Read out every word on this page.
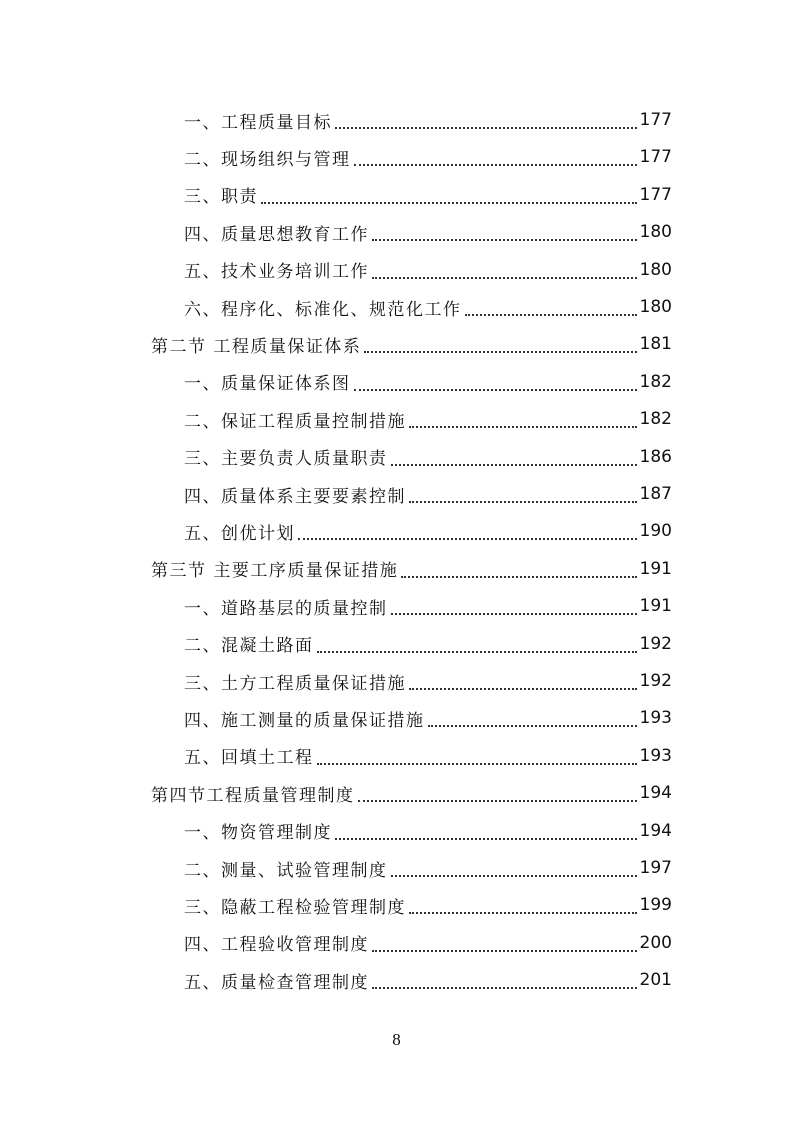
一、工程质量目标	177
二、现场组织与管理	177
三、职责	177
四、质量思想教育工作	180
五、技术业务培训工作	180
六、程序化、标准化、规范化工作	180
第二节 工程质量保证体系	181
一、质量保证体系图	182
二、保证工程质量控制措施	182
三、主要负责人质量职责	186
四、质量体系主要要素控制	187
五、创优计划	190
第三节 主要工序质量保证措施	191
一、道路基层的质量控制	191
二、混凝土路面	192
三、土方工程质量保证措施	192
四、施工测量的质量保证措施	193
五、回填土工程	193
第四节工程质量管理制度	194
一、物资管理制度	194
二、测量、试验管理制度	197
三、隐蔽工程检验管理制度	199
四、工程验收管理制度	200
五、质量检查管理制度	201
8
